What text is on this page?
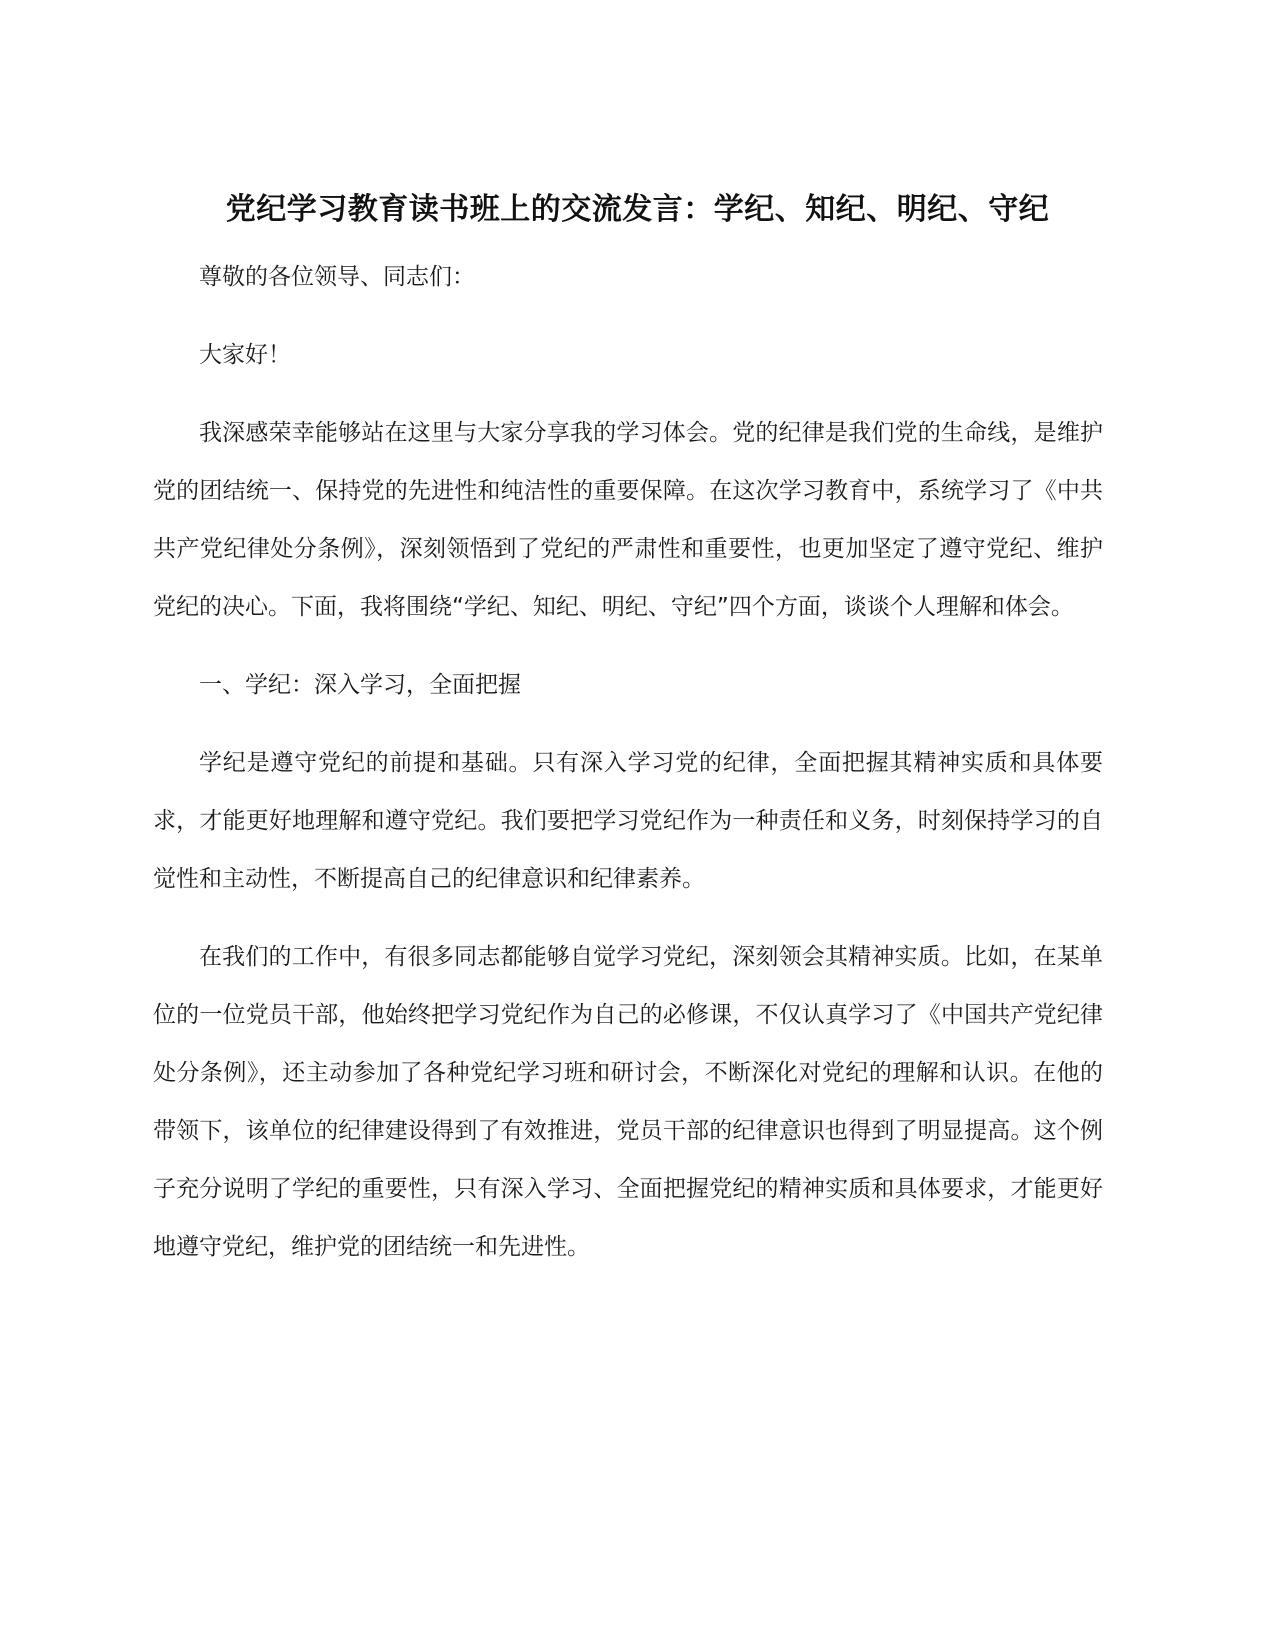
党纪学习教育读书班上的交流发言：学纪、知纪、明纪、守纪

尊敬的各位领导、同志们：

大家好！

我深感荣幸能够站在这里与大家分享我的学习体会。党的纪律是我们党的生命线，是维护党的团结统一、保持党的先进性和纯洁性的重要保障。在这次学习教育中，系统学习了《中共共产党纪律处分条例》，深刻领悟到了党纪的严肃性和重要性，也更加坚定了遵守党纪、维护党纪的决心。下面，我将围绕“学纪、知纪、明纪、守纪”四个方面，谈谈个人理解和体会。

一、学纪：深入学习，全面把握

学纪是遵守党纪的前提和基础。只有深入学习党的纪律，全面把握其精神实质和具体要求，才能更好地理解和遵守党纪。我们要把学习党纪作为一种责任和义务，时刻保持学习的自觉性和主动性，不断提高自己的纪律意识和纪律素养。

在我们的工作中，有很多同志都能够自觉学习党纪，深刻领会其精神实质。比如，在某单位的一位党员干部，他始终把学习党纪作为自己的必修课，不仅认真学习了《中国共产党纪律处分条例》，还主动参加了各种党纪学习班和研讨会，不断深化对党纪的理解和认识。在他的带领下，该单位的纪律建设得到了有效推进，党员干部的纪律意识也得到了明显提高。这个例子充分说明了学纪的重要性，只有深入学习、全面把握党纪的精神实质和具体要求，才能更好地遵守党纪，维护党的团结统一和先进性。
